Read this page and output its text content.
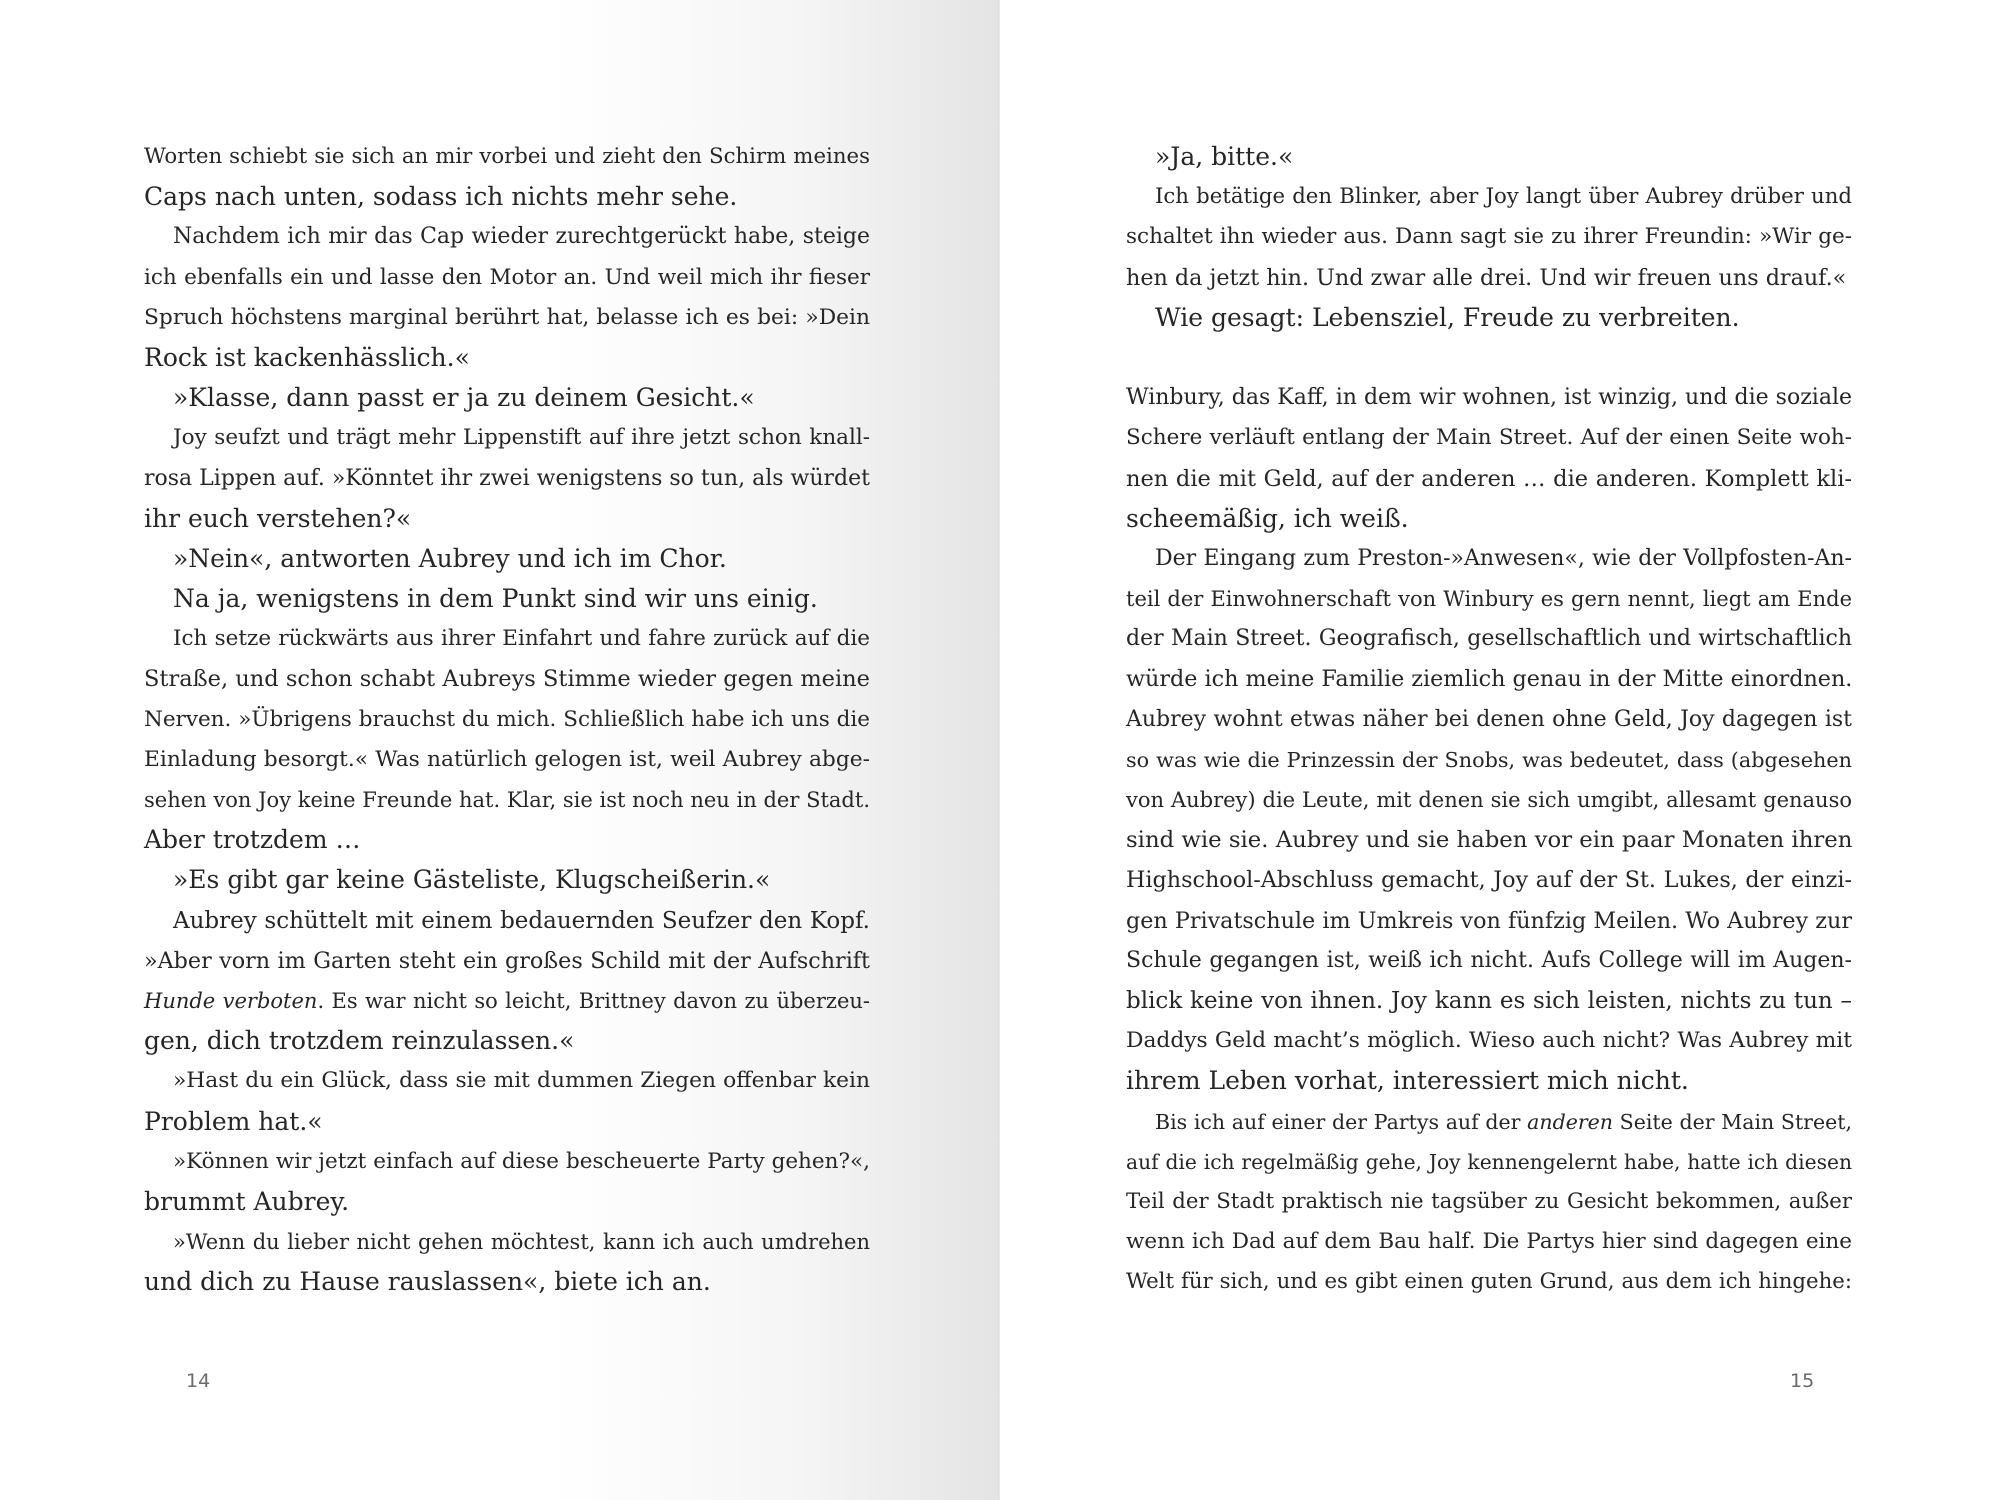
Worten schiebt sie sich an mir vorbei und zieht den Schirm meines
Caps nach unten, sodass ich nichts mehr sehe.
Nachdem ich mir das Cap wieder zurechtgerückt habe, steige
ich ebenfalls ein und lasse den Motor an. Und weil mich ihr fieser
Spruch höchstens marginal berührt hat, belasse ich es bei: »Dein
Rock ist kackenhässlich.«
»Klasse, dann passt er ja zu deinem Gesicht.«
Joy seufzt und trägt mehr Lippenstift auf ihre jetzt schon knall-
rosa Lippen auf. »Könntet ihr zwei wenigstens so tun, als würdet
ihr euch verstehen?«
»Nein«, antworten Aubrey und ich im Chor.
Na ja, wenigstens in dem Punkt sind wir uns einig.
Ich setze rückwärts aus ihrer Einfahrt und fahre zurück auf die
Straße, und schon schabt Aubreys Stimme wieder gegen meine
Nerven. »Übrigens brauchst du mich. Schließlich habe ich uns die
Einladung besorgt.« Was natürlich gelogen ist, weil Aubrey abge-
sehen von Joy keine Freunde hat. Klar, sie ist noch neu in der Stadt.
Aber trotzdem …
»Es gibt gar keine Gästeliste, Klugscheißerin.«
Aubrey schüttelt mit einem bedauernden Seufzer den Kopf.
»Aber vorn im Garten steht ein großes Schild mit der Aufschrift
Hunde verboten. Es war nicht so leicht, Brittney davon zu überzeu-
gen, dich trotzdem reinzulassen.«
»Hast du ein Glück, dass sie mit dummen Ziegen offenbar kein
Problem hat.«
»Können wir jetzt einfach auf diese bescheuerte Party gehen?«,
brummt Aubrey.
»Wenn du lieber nicht gehen möchtest, kann ich auch umdrehen
und dich zu Hause rauslassen«, biete ich an.
14
»Ja, bitte.«
Ich betätige den Blinker, aber Joy langt über Aubrey drüber und
schaltet ihn wieder aus. Dann sagt sie zu ihrer Freundin: »Wir ge-
hen da jetzt hin. Und zwar alle drei. Und wir freuen uns drauf.«
Wie gesagt: Lebensziel, Freude zu verbreiten.
Winbury, das Kaff, in dem wir wohnen, ist winzig, und die soziale
Schere verläuft entlang der Main Street. Auf der einen Seite woh-
nen die mit Geld, auf der anderen … die anderen. Komplett kli-
scheemäßig, ich weiß.
Der Eingang zum Preston-»Anwesen«, wie der Vollpfosten-An-
teil der Einwohnerschaft von Winbury es gern nennt, liegt am Ende
der Main Street. Geografisch, gesellschaftlich und wirtschaftlich
würde ich meine Familie ziemlich genau in der Mitte einordnen.
Aubrey wohnt etwas näher bei denen ohne Geld, Joy dagegen ist
so was wie die Prinzessin der Snobs, was bedeutet, dass (abgesehen
von Aubrey) die Leute, mit denen sie sich umgibt, allesamt genauso
sind wie sie. Aubrey und sie haben vor ein paar Monaten ihren
Highschool-Abschluss gemacht, Joy auf der St. Lukes, der einzi-
gen Privatschule im Umkreis von fünfzig Meilen. Wo Aubrey zur
Schule gegangen ist, weiß ich nicht. Aufs College will im Augen-
blick keine von ihnen. Joy kann es sich leisten, nichts zu tun –
Daddys Geld macht’s möglich. Wieso auch nicht? Was Aubrey mit
ihrem Leben vorhat, interessiert mich nicht.
Bis ich auf einer der Partys auf der anderen Seite der Main Street,
auf die ich regelmäßig gehe, Joy kennengelernt habe, hatte ich diesen
Teil der Stadt praktisch nie tagsüber zu Gesicht bekommen, außer
wenn ich Dad auf dem Bau half. Die Partys hier sind dagegen eine
Welt für sich, und es gibt einen guten Grund, aus dem ich hingehe:
15
